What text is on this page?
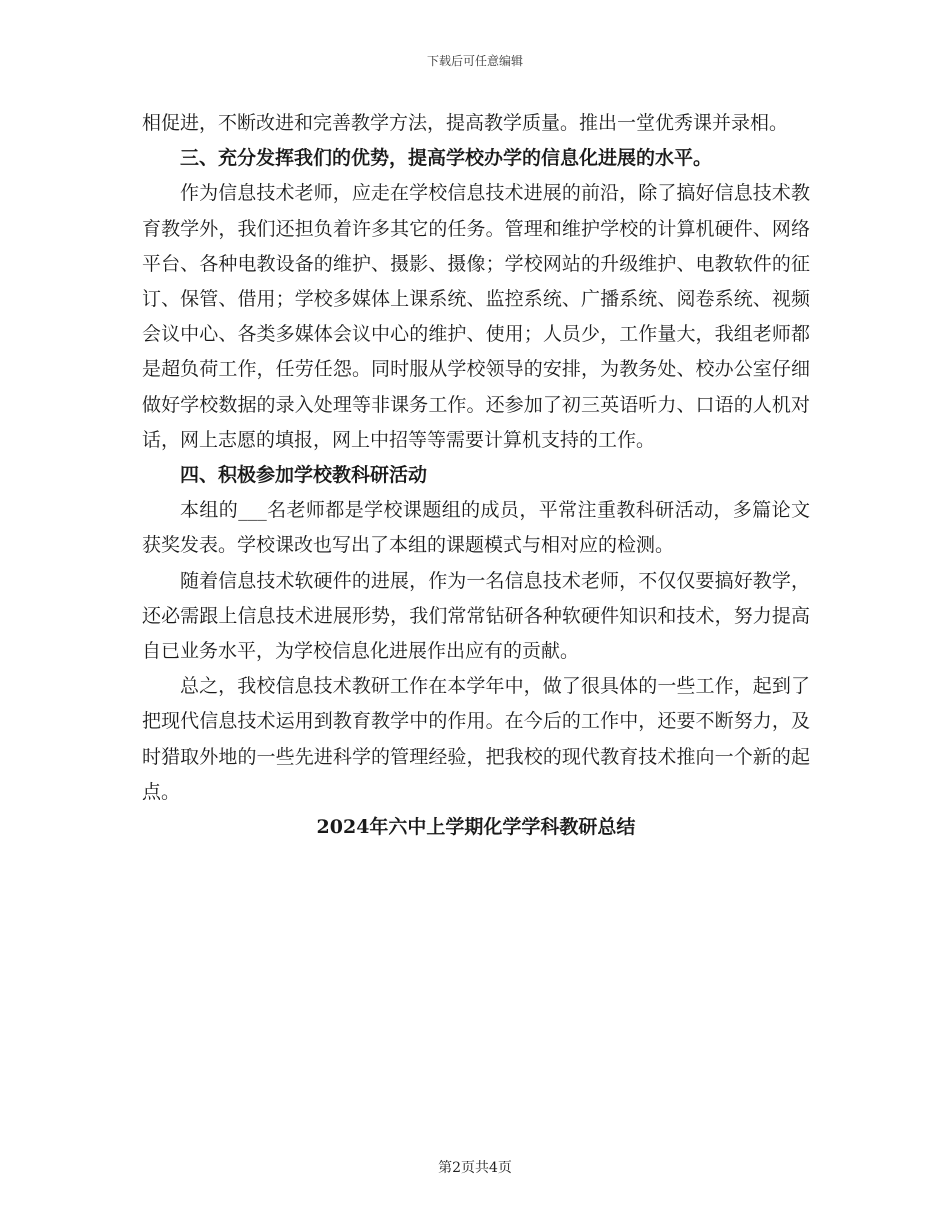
下载后可任意编辑

相促进，不断改进和完善教学方法，提高教学质量。推出一堂优秀课并录相。

三、充分发挥我们的优势，提高学校办学的信息化进展的水平。

作为信息技术老师，应走在学校信息技术进展的前沿，除了搞好信息技术教育教学外，我们还担负着许多其它的任务。管理和维护学校的计算机硬件、网络平台、各种电教设备的维护、摄影、摄像；学校网站的升级维护、电教软件的征订、保管、借用；学校多媒体上课系统、监控系统、广播系统、阅卷系统、视频会议中心、各类多媒体会议中心的维护、使用；人员少，工作量大，我组老师都是超负荷工作，任劳任怨。同时服从学校领导的安排，为教务处、校办公室仔细做好学校数据的录入处理等非课务工作。还参加了初三英语听力、口语的人机对话，网上志愿的填报，网上中招等等需要计算机支持的工作。

四、积极参加学校教科研活动

本组的___名老师都是学校课题组的成员，平常注重教科研活动，多篇论文获奖发表。学校课改也写出了本组的课题模式与相对应的检测。

随着信息技术软硬件的进展，作为一名信息技术老师，不仅仅要搞好教学，还必需跟上信息技术进展形势，我们常常钻研各种软硬件知识和技术，努力提高自已业务水平，为学校信息化进展作出应有的贡献。

总之，我校信息技术教研工作在本学年中，做了很具体的一些工作，起到了把现代信息技术运用到教育教学中的作用。在今后的工作中，还要不断努力，及时猎取外地的一些先进科学的管理经验，把我校的现代教育技术推向一个新的起点。

2024年六中上学期化学学科教研总结

第2页共4页
